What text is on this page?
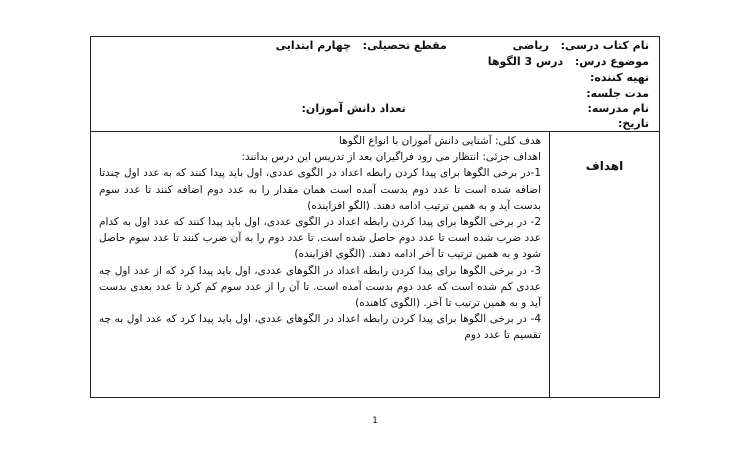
نام کتاب درسی:  ریاضی  مقطع تحصیلی:  چهارم ابتدایی
موضوع درس:  درس 3 الگوها
تهیه کننده:
مدت جلسه:
نام مدرسه:  تعداد دانش آموزان:
تاریخ:
اهداف

هدف کلی: آشنایی دانش آموزان با انواع الگوها

اهداف جزئی: انتظار می رود فراگیران بعد از تدریس این درس بدانند:

1-در برخی الگوها برای پیدا کردن رابطه اعداد در الگوی عددی، اول باید پیدا کنند که به عدد اول چندتا اضافه شده است تا عدد دوم بدست آمده است همان مقدار را به عدد دوم اضافه کنند تا عدد سوم بدست آید و به همین ترتیب ادامه دهند. (الگو افزاینده)

2- در برخی الگوها برای پیدا کردن رابطه اعداد در الگوی عددی، اول باید پیدا کنند که عدد اول به کدام عدد ضرب شده است تا عدد دوم حاصل شده است. تا عدد دوم را به آن ضرب کنند تا عدد سوم حاصل شود و به همین ترتیب تا آخر ادامه دهند. (الگوی افزاینده)

3- در برخی الگوها برای پیدا کردن رابطه اعداد در الگوهای عددی، اول باید پیدا کرد که از عدد اول چه عددی کم شده است که عدد دوم بدست آمده است. تا آن را از عدد سوم کم کرد تا عدد بعدی بدست آید و به همین ترتیب تا آخر. (الگوی کاهنده)

4- در برخی الگوها برای پیدا کردن رابطه اعداد در الگوهای عددی، اول باید پیدا کرد که عدد اول به چه تقسیم تا عدد دوم

1
